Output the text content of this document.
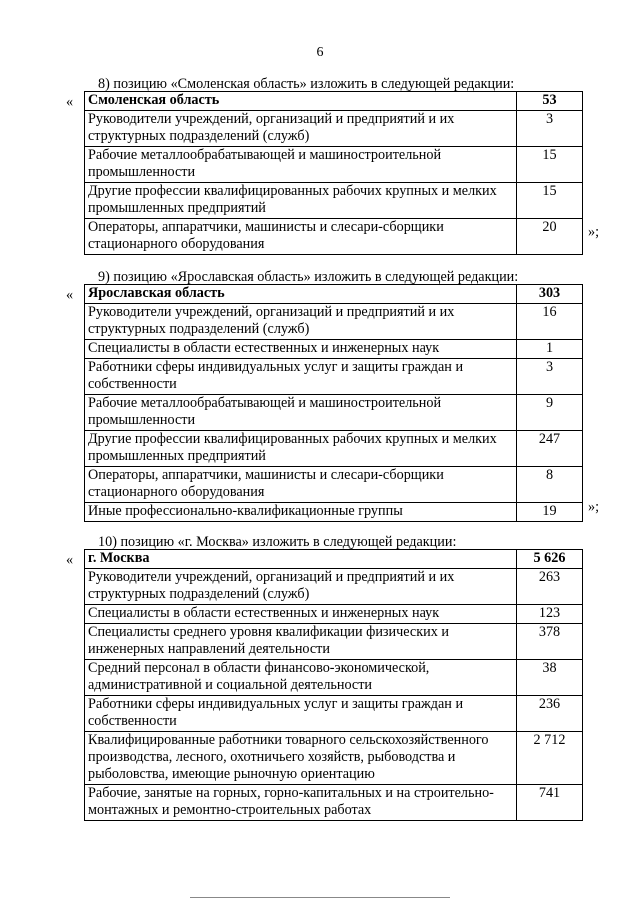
6
8) позицию «Смоленская область» изложить в следующей редакции:
« Смоленская область	53
Руководители учреждений, организаций и предприятий и их структурных подразделений (служб)	3
Рабочие металлообрабатывающей и машиностроительной промышленности	15
Другие профессии квалифицированных рабочих крупных и мелких промышленных предприятий	15
Операторы, аппаратчики, машинисты и слесари-сборщики стационарного оборудования	20 »;
9) позицию «Ярославская область» изложить в следующей редакции:
« Ярославская область	303
Руководители учреждений, организаций и предприятий и их структурных подразделений (служб)	16
Специалисты в области естественных и инженерных наук	1
Работники сферы индивидуальных услуг и защиты граждан и собственности	3
Рабочие металлообрабатывающей и машиностроительной промышленности	9
Другие профессии квалифицированных рабочих крупных и мелких промышленных предприятий	247
Операторы, аппаратчики, машинисты и слесари-сборщики стационарного оборудования	8
Иные профессионально-квалификационные группы	19 »;
10) позицию «г. Москва» изложить в следующей редакции:
« г. Москва	5 626
Руководители учреждений, организаций и предприятий и их структурных подразделений (служб)	263
Специалисты в области естественных и инженерных наук	123
Специалисты среднего уровня квалификации физических и инженерных направлений деятельности	378
Средний персонал в области финансово-экономической, административной и социальной деятельности	38
Работники сферы индивидуальных услуг и защиты граждан и собственности	236
Квалифицированные работники товарного сельскохозяйственного производства, лесного, охотничьего хозяйств, рыбоводства и рыболовства, имеющие рыночную ориентацию	2 712
Рабочие, занятые на горных, горно-капитальных и на строительно-монтажных и ремонтно-строительных работах	741
